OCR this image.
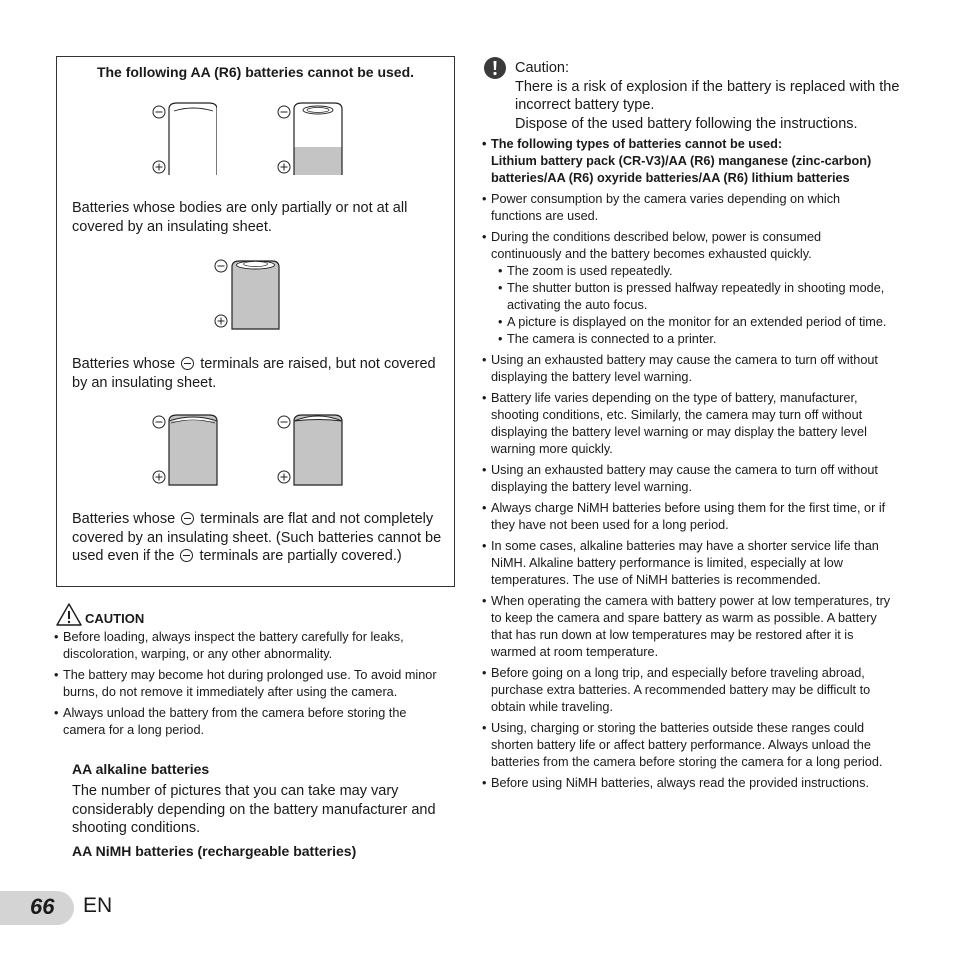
The following AA (R6) batteries cannot be used.

Batteries whose bodies are only partially or not at all covered by an insulating sheet.

Batteries whose terminals are raised, but not covered by an insulating sheet.

Batteries whose terminals are flat and not completely covered by an insulating sheet. (Such batteries cannot be used even if the terminals are partially covered.)

CAUTION
• Before loading, always inspect the battery carefully for leaks, discoloration, warping, or any other abnormality.
• The battery may become hot during prolonged use. To avoid minor burns, do not remove it immediately after using the camera.
• Always unload the battery from the camera before storing the camera for a long period.

AA alkaline batteries

The number of pictures that you can take may vary considerably depending on the battery manufacturer and shooting conditions.

AA NiMH batteries (rechargeable batteries)

Caution:
There is a risk of explosion if the battery is replaced with the incorrect battery type.
Dispose of the used battery following the instructions.
• The following types of batteries cannot be used:
Lithium battery pack (CR-V3)/AA (R6) manganese (zinc-carbon) batteries/AA (R6) oxyride batteries/AA (R6) lithium batteries
• Power consumption by the camera varies depending on which functions are used.
• During the conditions described below, power is consumed continuously and the battery becomes exhausted quickly.
• The zoom is used repeatedly.
• The shutter button is pressed halfway repeatedly in shooting mode, activating the auto focus.
• A picture is displayed on the monitor for an extended period of time.
• The camera is connected to a printer.
• Using an exhausted battery may cause the camera to turn off without displaying the battery level warning.
• Battery life varies depending on the type of battery, manufacturer, shooting conditions, etc. Similarly, the camera may turn off without displaying the battery level warning or may display the battery level warning more quickly.
• Using an exhausted battery may cause the camera to turn off without displaying the battery level warning.
• Always charge NiMH batteries before using them for the first time, or if they have not been used for a long period.
• In some cases, alkaline batteries may have a shorter service life than NiMH. Alkaline battery performance is limited, especially at low temperatures. The use of NiMH batteries is recommended.
• When operating the camera with battery power at low temperatures, try to keep the camera and spare battery as warm as possible. A battery that has run down at low temperatures may be restored after it is warmed at room temperature.
• Before going on a long trip, and especially before traveling abroad, purchase extra batteries. A recommended battery may be difficult to obtain while traveling.
• Using, charging or storing the batteries outside these ranges could shorten battery life or affect battery performance. Always unload the batteries from the camera before storing the camera for a long period.
• Before using NiMH batteries, always read the provided instructions.
66 EN
